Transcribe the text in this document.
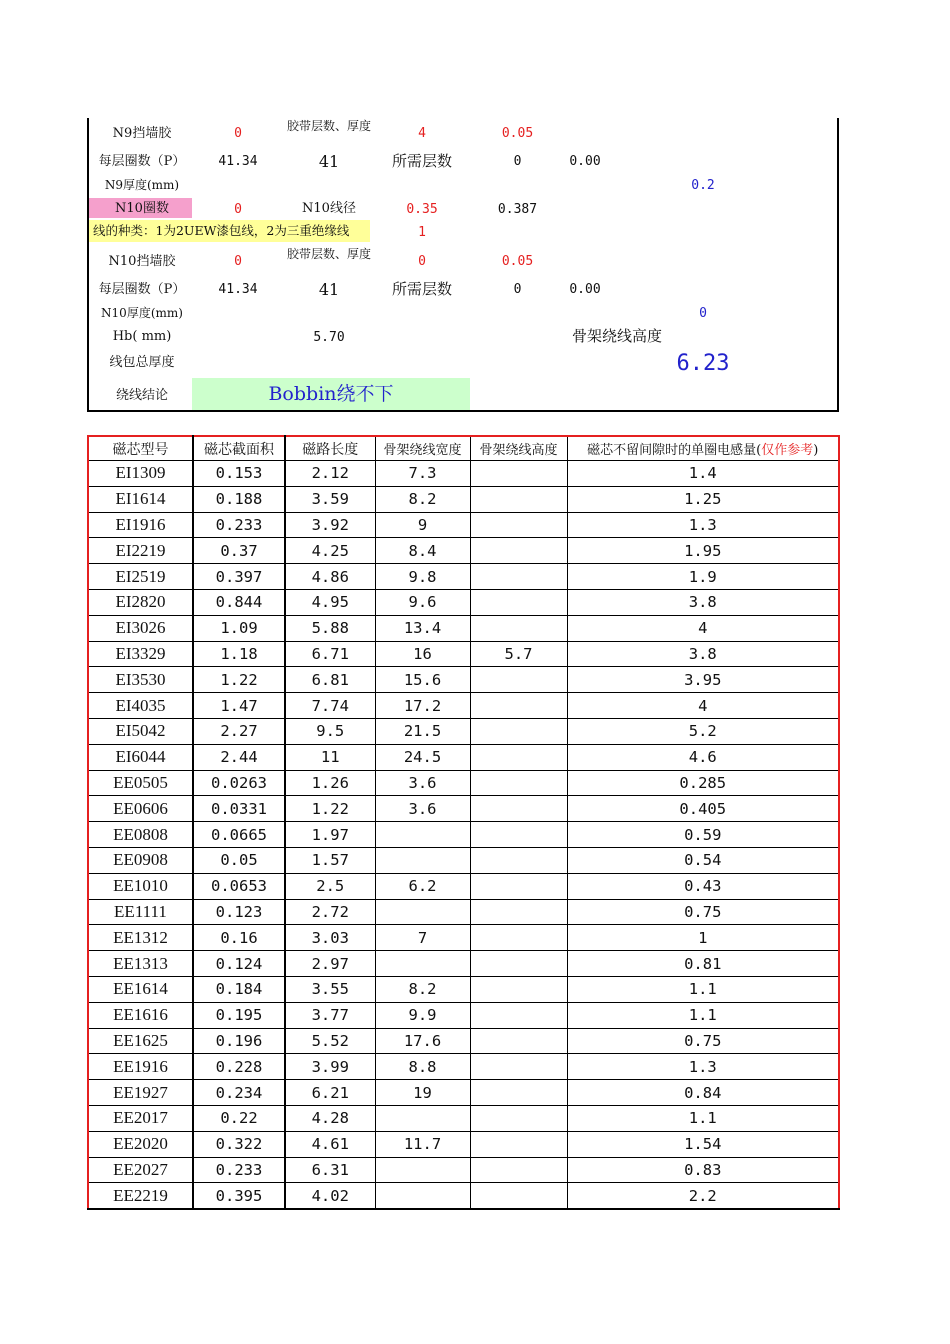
N9挡墙胶	0	胶带层数、厚度	4	0.05
每层圈数（P）	41.34	41	所需层数	0	0.00
N9厚度(mm)	0.2
N10圈数	0	N10线径	0.35	0.387
线的种类：1为2UEW漆包线，2为三重绝缘线	1
N10挡墙胶	0	胶带层数、厚度	0	0.05
每层圈数（P）	41.34	41	所需层数	0	0.00
N10厚度(mm)	0
Hb( mm)	5.70	骨架绕线高度
线包总厚度	6.23
绕线结论	Bobbin绕不下
磁芯型号	磁芯截面积	磁路长度	骨架绕线宽度	骨架绕线高度	磁芯不留间隙时的单圈电感量(仅作参考)
EI1309	0.153	2.12	7.3		1.4
EI1614	0.188	3.59	8.2		1.25
EI1916	0.233	3.92	9		1.3
EI2219	0.37	4.25	8.4		1.95
EI2519	0.397	4.86	9.8		1.9
EI2820	0.844	4.95	9.6		3.8
EI3026	1.09	5.88	13.4		4
EI3329	1.18	6.71	16	5.7	3.8
EI3530	1.22	6.81	15.6		3.95
EI4035	1.47	7.74	17.2		4
EI5042	2.27	9.5	21.5		5.2
EI6044	2.44	11	24.5		4.6
EE0505	0.0263	1.26	3.6		0.285
EE0606	0.0331	1.22	3.6		0.405
EE0808	0.0665	1.97			0.59
EE0908	0.05	1.57			0.54
EE1010	0.0653	2.5	6.2		0.43
EE1111	0.123	2.72			0.75
EE1312	0.16	3.03	7		1
EE1313	0.124	2.97			0.81
EE1614	0.184	3.55	8.2		1.1
EE1616	0.195	3.77	9.9		1.1
EE1625	0.196	5.52	17.6		0.75
EE1916	0.228	3.99	8.8		1.3
EE1927	0.234	6.21	19		0.84
EE2017	0.22	4.28			1.1
EE2020	0.322	4.61	11.7		1.54
EE2027	0.233	6.31			0.83
EE2219	0.395	4.02			2.2
